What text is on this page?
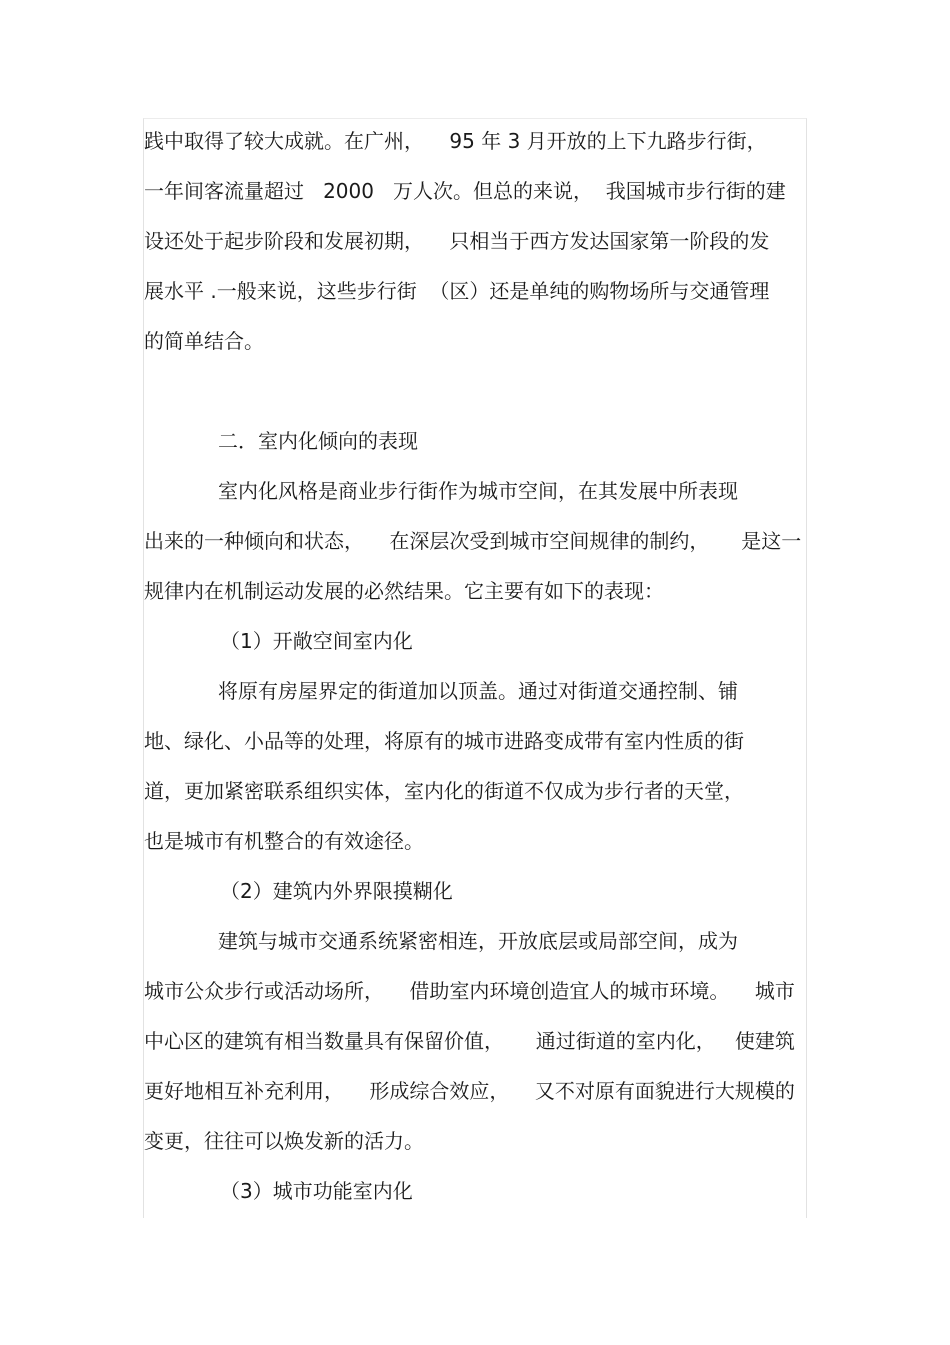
践中取得了较大成就。在广州，    95 年 3 月开放的上下九路步行街，
一年间客流量超过   2000   万人次。但总的来说，  我国城市步行街的建
设还处于起步阶段和发展初期，    只相当于西方发达国家第一阶段的发
展水平 .一般来说，这些步行街  （区）还是单纯的购物场所与交通管理
的简单结合。
二．室内化倾向的表现
室内化风格是商业步行街作为城市空间，在其发展中所表现
出来的一种倾向和状态，    在深层次受到城市空间规律的制约，     是这一
规律内在机制运动发展的必然结果。它主要有如下的表现：
（1）开敞空间室内化
将原有房屋界定的街道加以顶盖。通过对街道交通控制、铺
地、绿化、小品等的处理，将原有的城市进路变成带有室内性质的街
道，更加紧密联系组织实体，室内化的街道不仅成为步行者的天堂，
也是城市有机整合的有效途径。
（2）建筑内外界限摸糊化
建筑与城市交通系统紧密相连，开放底层或局部空间，成为
城市公众步行或活动场所，    借助室内环境创造宜人的城市环境。    城市
中心区的建筑有相当数量具有保留价值，     通过街道的室内化，   使建筑
更好地相互补充利用，    形成综合效应，    又不对原有面貌进行大规模的
变更，往往可以焕发新的活力。
（3）城市功能室内化
